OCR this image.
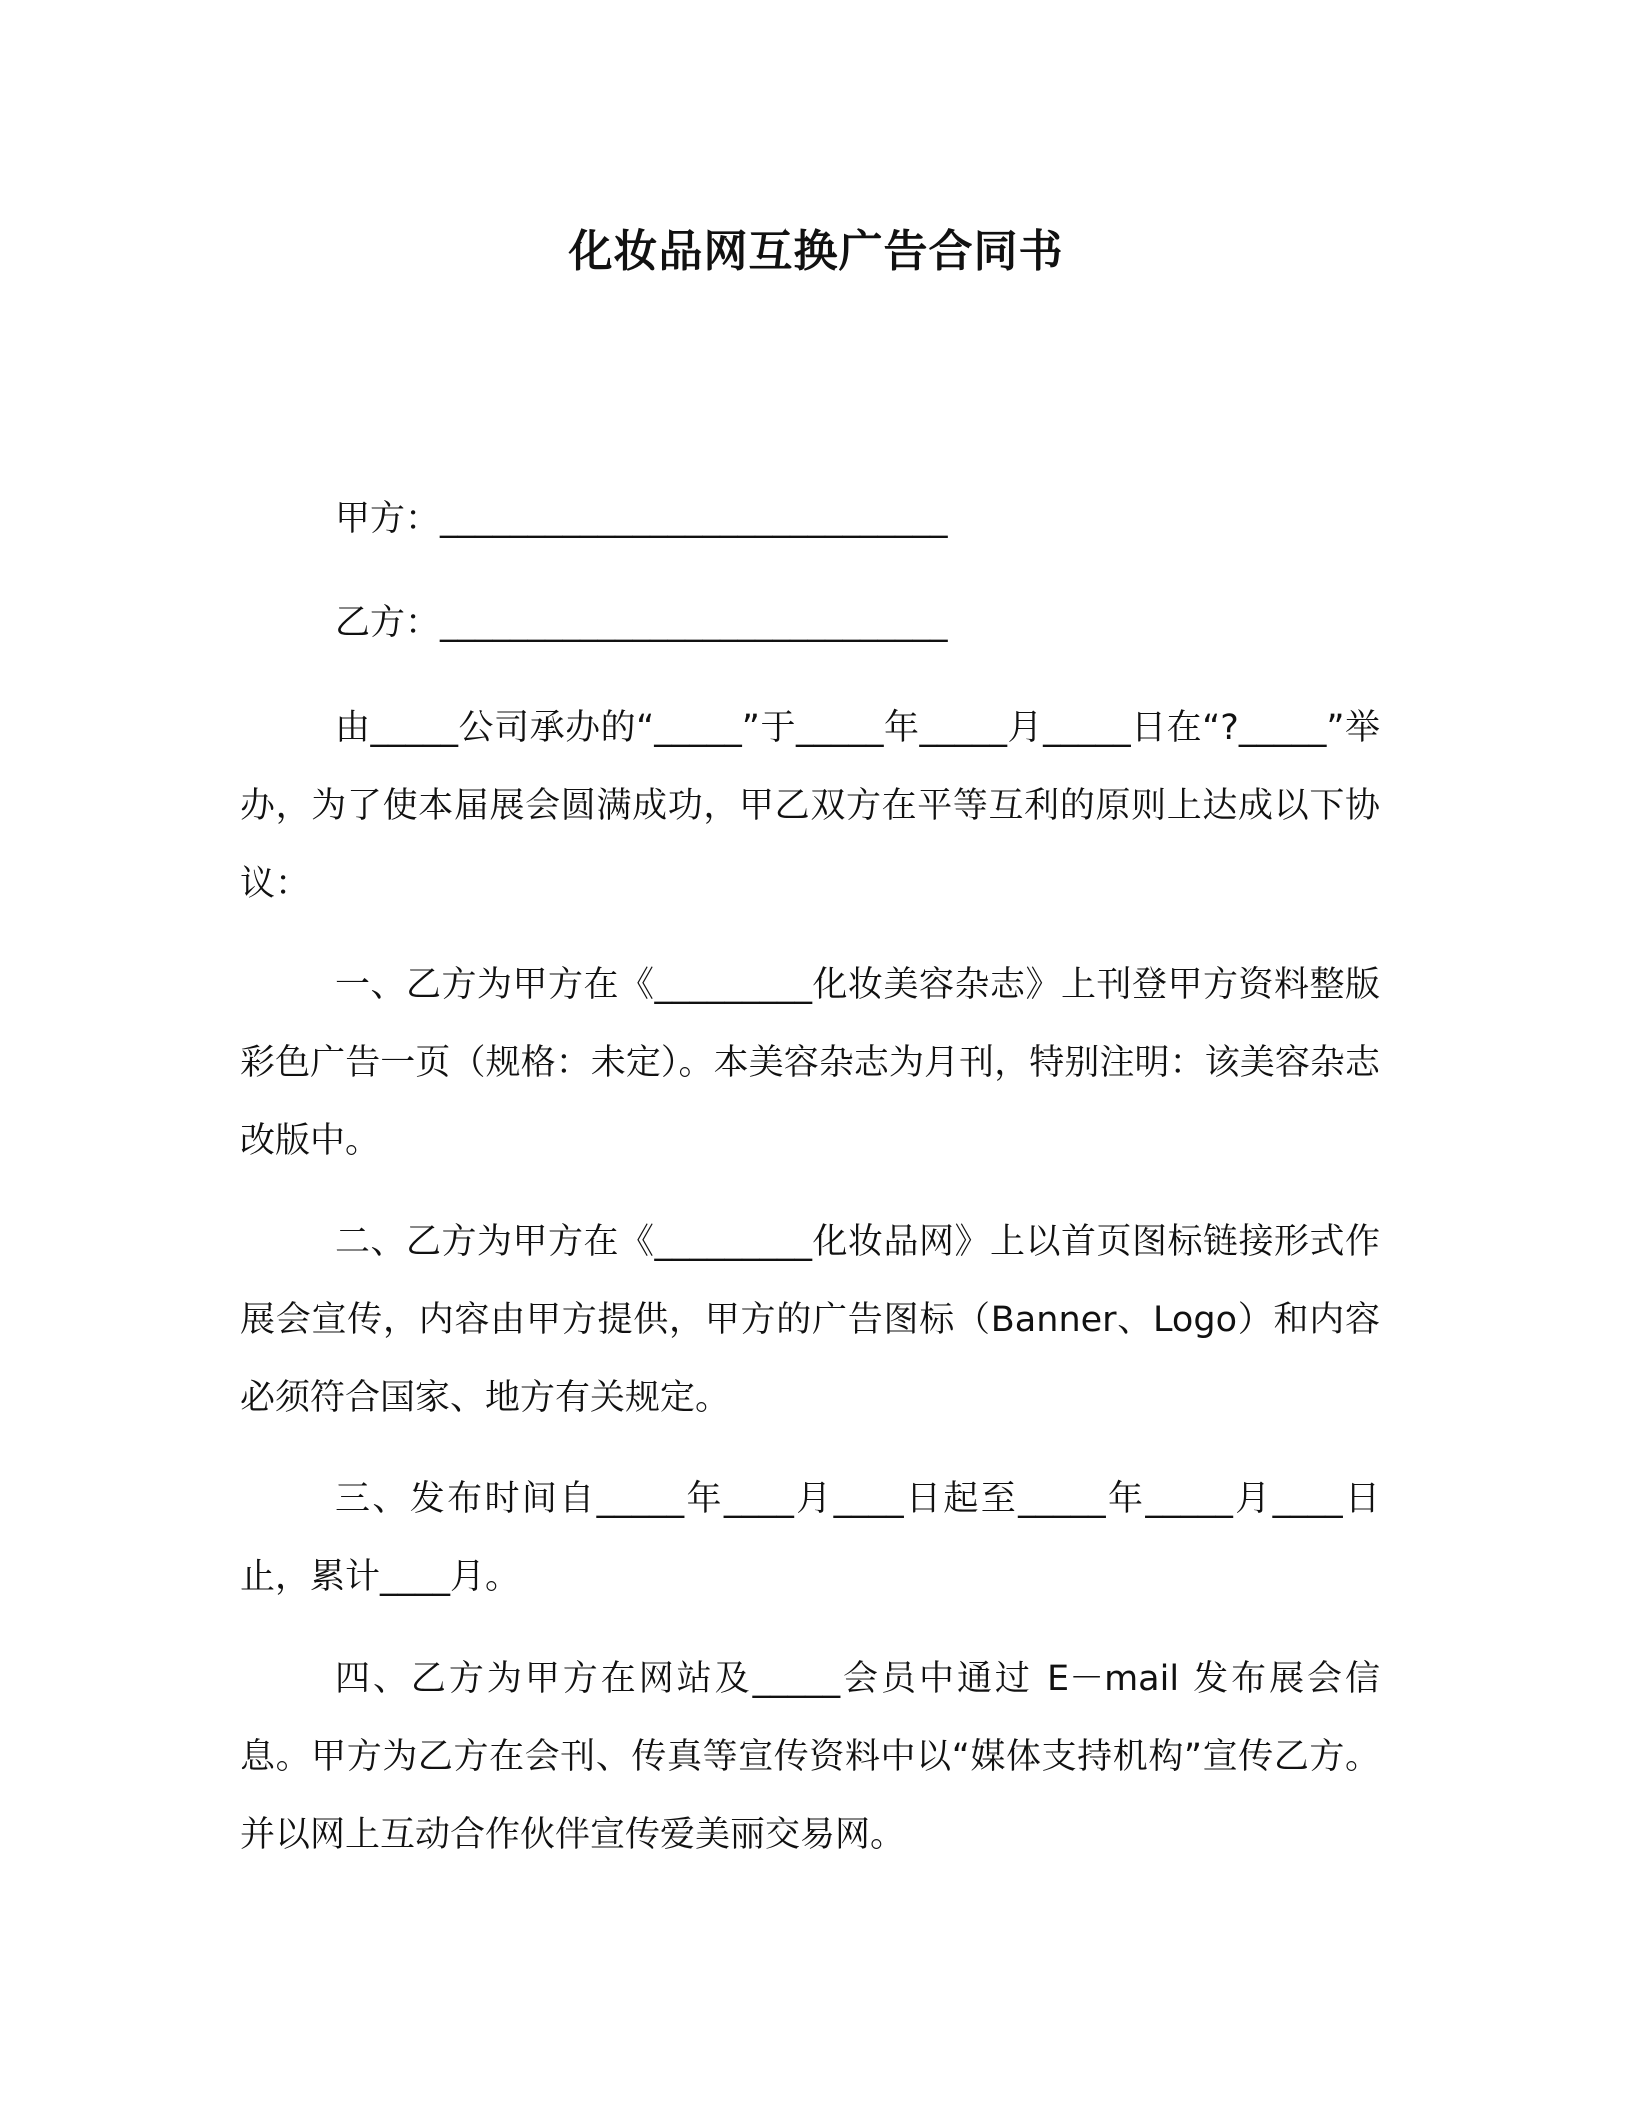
化妆品网互换广告合同书
甲方：_____________________________
乙方：_____________________________
由_____公司承办的“_____”于_____年_____月_____日在“?_____”举办，为了使本届展会圆满成功，甲乙双方在平等互利的原则上达成以下协议：
一、乙方为甲方在《_________化妆美容杂志》上刊登甲方资料整版彩色广告一页（规格：未定）。本美容杂志为月刊，特别注明：该美容杂志改版中。
二、乙方为甲方在《_________化妆品网》上以首页图标链接形式作展会宣传，内容由甲方提供，甲方的广告图标（Banner、Logo）和内容必须符合国家、地方有关规定。
三、发布时间自_____年____月____日起至_____年_____月____日止，累计____月。
四、乙方为甲方在网站及_____会员中通过 E－mail 发布展会信息。甲方为乙方在会刊、传真等宣传资料中以“媒体支持机构”宣传乙方。并以网上互动合作伙伴宣传爱美丽交易网。
